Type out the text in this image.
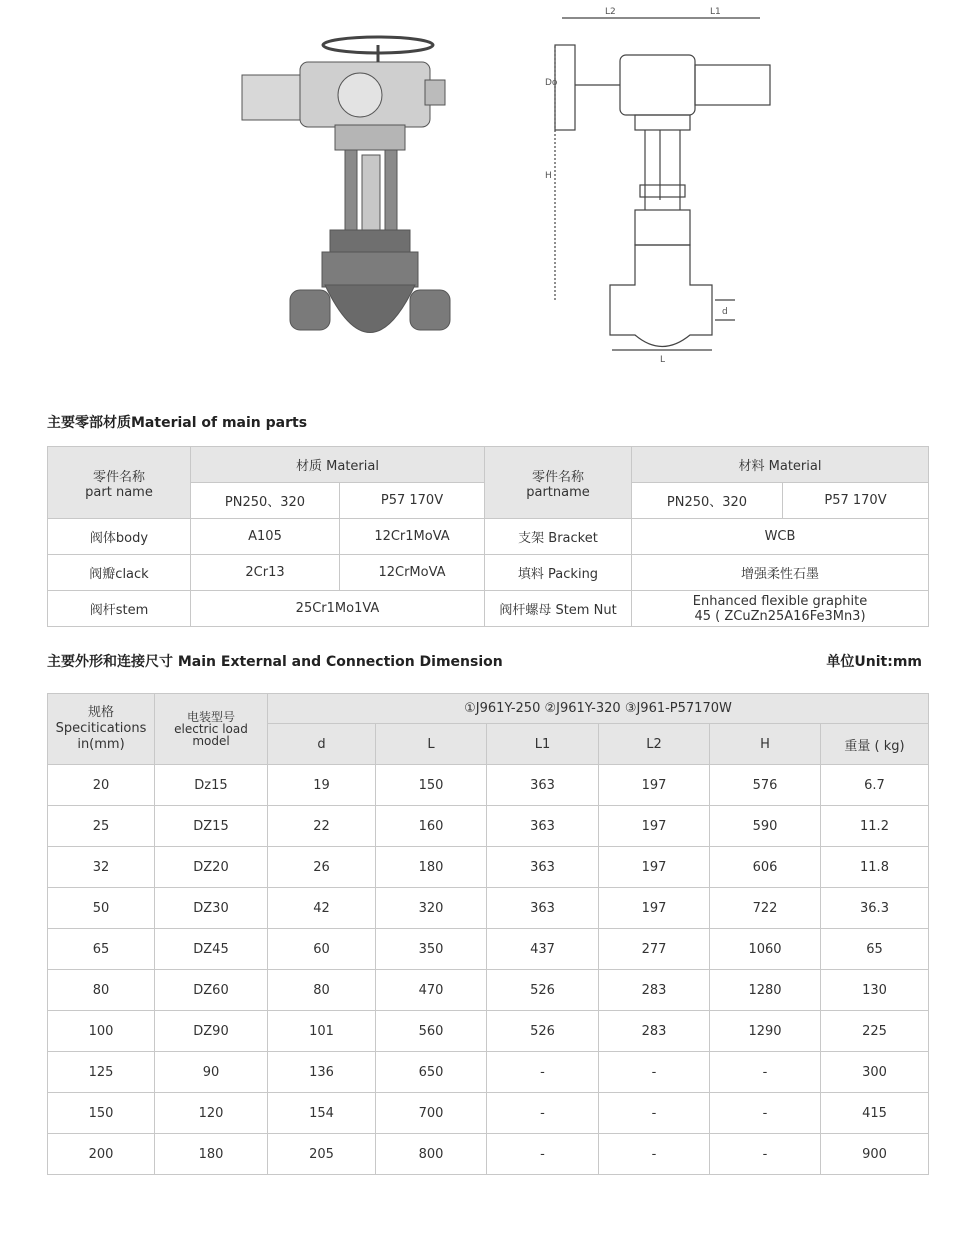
L2	L1
Do
H
d
L
主要零部材质Material of main parts
零件名称
part name	材质 Material		零件名称
partname	材料 Material	
	PN250、320	P57 170V		PN250、320	P57 170V
阀体body	A105	12Cr1MoVA	支架 Bracket	WCB	
阀瓣clack	2Cr13	12CrMoVA	填料 Packing	增强柔性石墨	
阀杆stem	25Cr1Mo1VA		阀杆螺母 Stem Nut	Enhanced flexible graphite
45 ( ZCuZn25A16Fe3Mn3)	
主要外形和连接尺寸 Main External and Connection Dimension	单位Unit:mm
规格
Specitications
in(mm)	电装型号
electric load
model	①J961Y-250 ②J961Y-320 ③J961-P57170W					
		d	L	L1	L2	H	重量 ( kg)
20	Dz15	19	150	363	197	576	6.7
25	DZ15	22	160	363	197	590	11.2
32	DZ20	26	180	363	197	606	11.8
50	DZ30	42	320	363	197	722	36.3
65	DZ45	60	350	437	277	1060	65
80	DZ60	80	470	526	283	1280	130
100	DZ90	101	560	526	283	1290	225
125	90	136	650	-	-	-	300
150	120	154	700	-	-	-	415
200	180	205	800	-	-	-	900
